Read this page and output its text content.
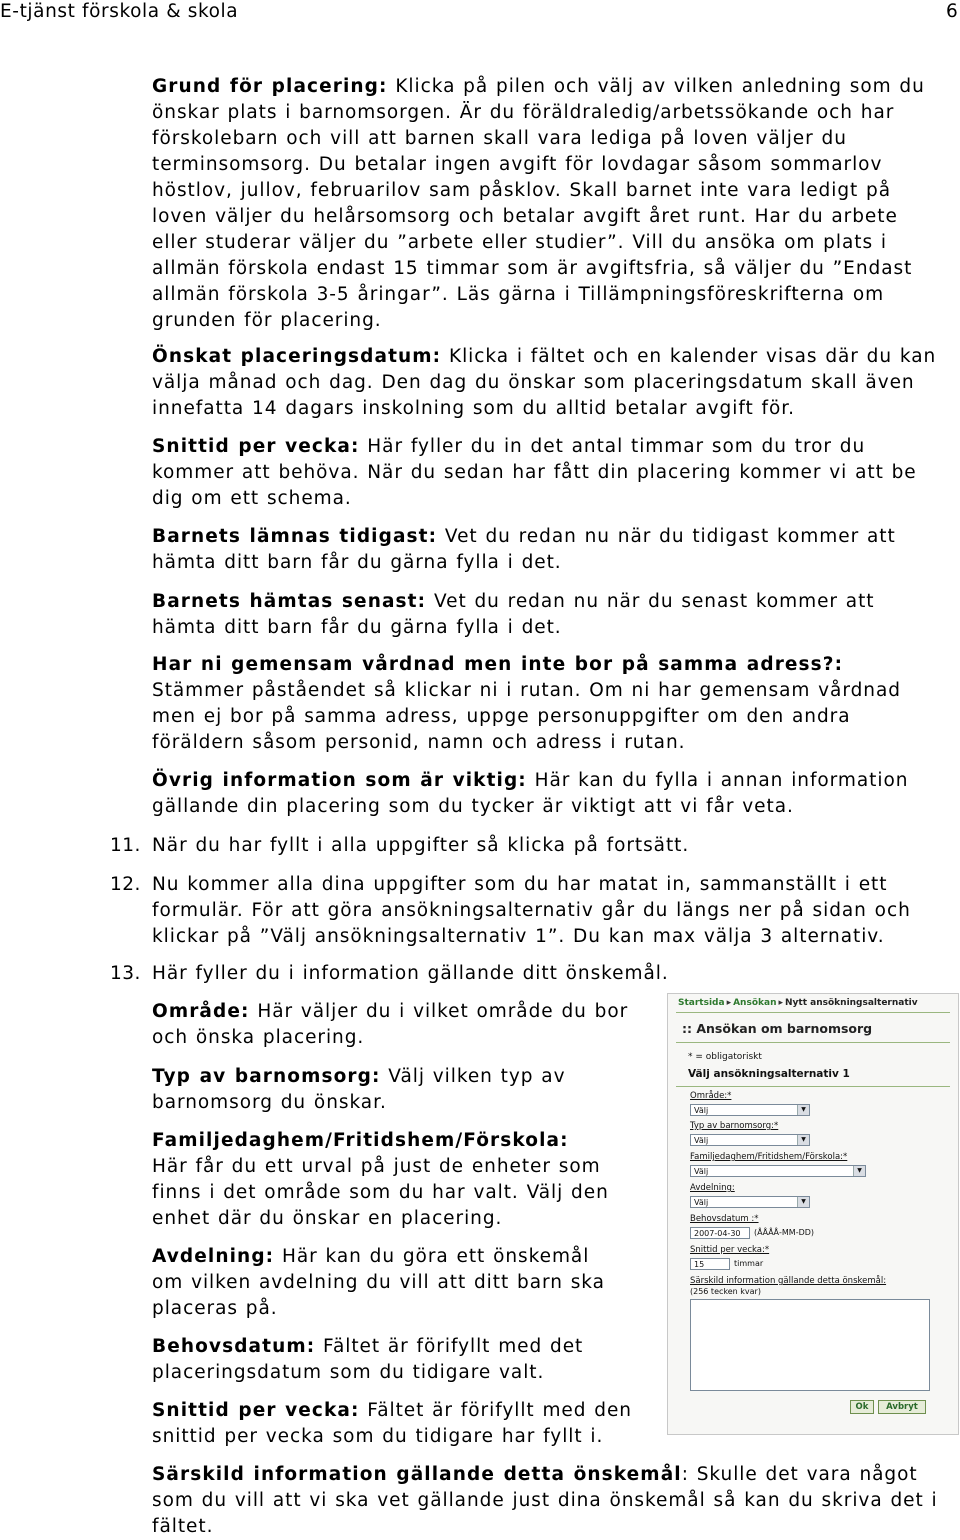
E-tjänst förskola & skola	6
Grund för placering: Klicka på pilen och välj av vilken anledning som du
önskar plats i barnomsorgen. Är du föräldraledig/arbetssökande och har
förskolebarn och vill att barnen skall vara lediga på loven väljer du
terminsomsorg. Du betalar ingen avgift för lovdagar såsom sommarlov
höstlov, jullov, februarilov sam påsklov. Skall barnet inte vara ledigt på
loven väljer du helårsomsorg och betalar avgift året runt. Har du arbete
eller studerar väljer du ”arbete eller studier”. Vill du ansöka om plats i
allmän förskola endast 15 timmar som är avgiftsfria, så väljer du ”Endast
allmän förskola 3-5 åringar”. Läs gärna i Tillämpningsföreskrifterna om
grunden för placering.
Önskat placeringsdatum: Klicka i fältet och en kalender visas där du kan
välja månad och dag. Den dag du önskar som placeringsdatum skall även
innefatta 14 dagars inskolning som du alltid betalar avgift för.
Snittid per vecka: Här fyller du in det antal timmar som du tror du
kommer att behöva. När du sedan har fått din placering kommer vi att be
dig om ett schema.
Barnets lämnas tidigast: Vet du redan nu när du tidigast kommer att
hämta ditt barn får du gärna fylla i det.
Barnets hämtas senast: Vet du redan nu när du senast kommer att
hämta ditt barn får du gärna fylla i det.
Har ni gemensam vårdnad men inte bor på samma adress?:
Stämmer påståendet så klickar ni i rutan. Om ni har gemensam vårdnad
men ej bor på samma adress, uppge personuppgifter om den andra
föräldern såsom personid, namn och adress i rutan.
Övrig information som är viktig: Här kan du fylla i annan information
gällande din placering som du tycker är viktigt att vi får veta.
11. När du har fyllt i alla uppgifter så klicka på fortsätt.
12. Nu kommer alla dina uppgifter som du har matat in, sammanställt i ett
formulär. För att göra ansökningsalternativ går du längs ner på sidan och
klickar på ”Välj ansökningsalternativ 1”. Du kan max välja 3 alternativ.
13. Här fyller du i information gällande ditt önskemål.
Område: Här väljer du i vilket område du bor
och önska placering.
Typ av barnomsorg: Välj vilken typ av
barnomsorg du önskar.
Familjedaghem/Fritidshem/Förskola:
Här får du ett urval på just de enheter som
finns i det område som du har valt. Välj den
enhet där du önskar en placering.
Avdelning: Här kan du göra ett önskemål
om vilken avdelning du vill att ditt barn ska
placeras på.
Behovsdatum: Fältet är förifyllt med det
placeringsdatum som du tidigare valt.
Snittid per vecka: Fältet är förifyllt med den
snittid per vecka som du tidigare har fyllt i.
Särskild information gällande detta önskemål: Skulle det vara något
som du vill att vi ska vet gällande just dina önskemål så kan du skriva det i
fältet.
Startsida ▸ Ansökan ▸ Nytt ansökningsalternativ
:: Ansökan om barnomsorg
* = obligatoriskt
Välj ansökningsalternativ 1
Område:*
Välj	▼
Typ av barnomsorg:*
Välj	▼
Familjedaghem/Fritidshem/Förskola:*
Välj	▼
Avdelning:
Välj	▼
Behovsdatum :*
2007-04-30	(ÅÅÅÅ-MM-DD)
Snittid per vecka:*
15	timmar
Särskild information gällande detta önskemål:
(256 tecken kvar)
Ok	Avbryt
